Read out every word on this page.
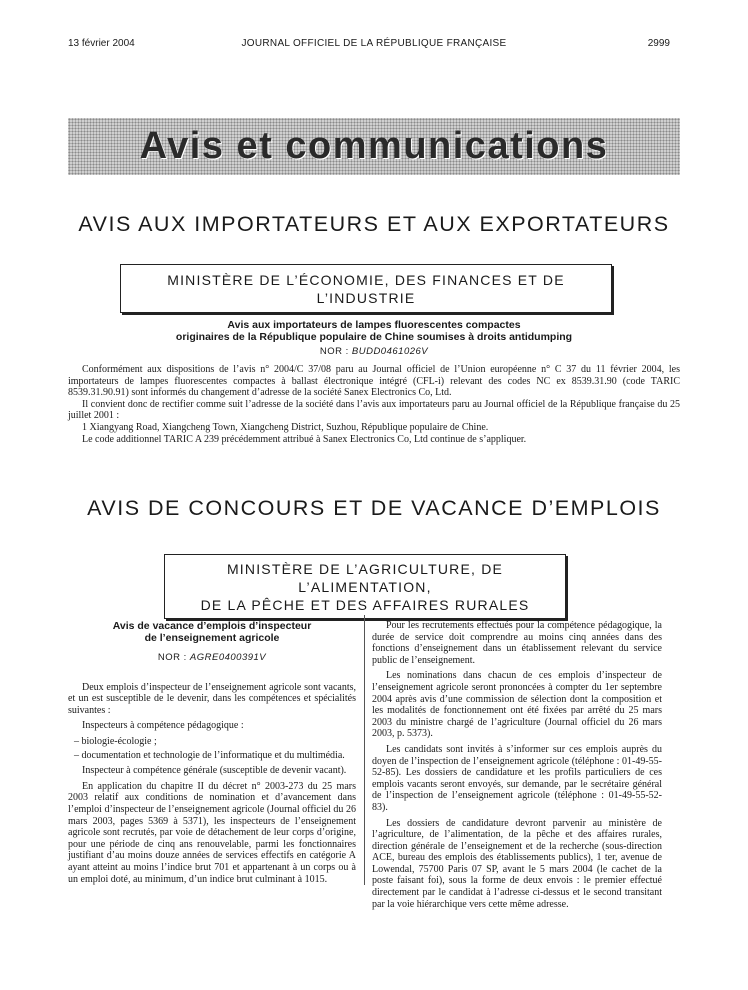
13 février 2004	JOURNAL OFFICIEL DE LA RÉPUBLIQUE FRANÇAISE	2999
Avis et communications
AVIS AUX IMPORTATEURS ET AUX EXPORTATEURS
MINISTÈRE DE L’ÉCONOMIE, DES FINANCES ET DE L’INDUSTRIE
Avis aux importateurs de lampes fluorescentes compactes
originaires de la République populaire de Chine soumises à droits antidumping
NOR : BUDD0461026V

Conformément aux dispositions de l’avis n° 2004/C 37/08 paru au Journal officiel de l’Union européenne n° C 37 du 11 février 2004, les importateurs de lampes fluorescentes compactes à ballast électronique intégré (CFL-i) relevant des codes NC ex 8539.31.90 (code TARIC 8539.31.90.91) sont informés du changement d’adresse de la société Sanex Electronics Co, Ltd.

Il convient donc de rectifier comme suit l’adresse de la société dans l’avis aux importateurs paru au Journal officiel de la République française du 25 juillet 2001 :

1 Xiangyang Road, Xiangcheng Town, Xiangcheng District, Suzhou, République populaire de Chine.

Le code additionnel TARIC A 239 précédemment attribué à Sanex Electronics Co, Ltd continue de s’appliquer.

AVIS DE CONCOURS ET DE VACANCE D’EMPLOIS
MINISTÈRE DE L’AGRICULTURE, DE L’ALIMENTATION,
DE LA PÊCHE ET DES AFFAIRES RURALES
Avis de vacance d’emplois d’inspecteur
de l’enseignement agricole
NOR : AGRE0400391V

Deux emplois d’inspecteur de l’enseignement agricole sont vacants, et un est susceptible de le devenir, dans les compétences et spécialités suivantes :

Inspecteurs à compétence pédagogique :

– biologie-écologie ;
– documentation et technologie de l’informatique et du multimédia.

Inspecteur à compétence générale (susceptible de devenir vacant).

En application du chapitre II du décret n° 2003-273 du 25 mars 2003 relatif aux conditions de nomination et d’avancement dans l’emploi d’inspecteur de l’enseignement agricole (Journal officiel du 26 mars 2003, pages 5369 à 5371), les inspecteurs de l’enseignement agricole sont recrutés, par voie de détachement de leur corps d’origine, pour une période de cinq ans renouvelable, parmi les fonctionnaires justifiant d’au moins douze années de services effectifs en catégorie A ayant atteint au moins l’indice brut 701 et appartenant à un corps ou à un emploi doté, au minimum, d’un indice brut culminant à 1015.

Pour les recrutements effectués pour la compétence pédagogique, la durée de service doit comprendre au moins cinq années dans des fonctions d’enseignement dans un établissement relevant du service public de l’enseignement.

Les nominations dans chacun de ces emplois d’inspecteur de l’enseignement agricole seront prononcées à compter du 1er septembre 2004 après avis d’une commission de sélection dont la composition et les modalités de fonctionnement ont été fixées par arrêté du 25 mars 2003 du ministre chargé de l’agriculture (Journal officiel du 26 mars 2003, p. 5373).

Les candidats sont invités à s’informer sur ces emplois auprès du doyen de l’inspection de l’enseignement agricole (téléphone : 01-49-55-52-85). Les dossiers de candidature et les profils particuliers de ces emplois vacants seront envoyés, sur demande, par le secrétaire général de l’inspection de l’enseignement agricole (téléphone : 01-49-55-52-83).

Les dossiers de candidature devront parvenir au ministère de l’agriculture, de l’alimentation, de la pêche et des affaires rurales, direction générale de l’enseignement et de la recherche (sous-direction ACE, bureau des emplois des établissements publics), 1 ter, avenue de Lowendal, 75700 Paris 07 SP, avant le 5 mars 2004 (le cachet de la poste faisant foi), sous la forme de deux envois : le premier effectué directement par le candidat à l’adresse ci-dessus et le second transitant par la voie hiérarchique vers cette même adresse.
